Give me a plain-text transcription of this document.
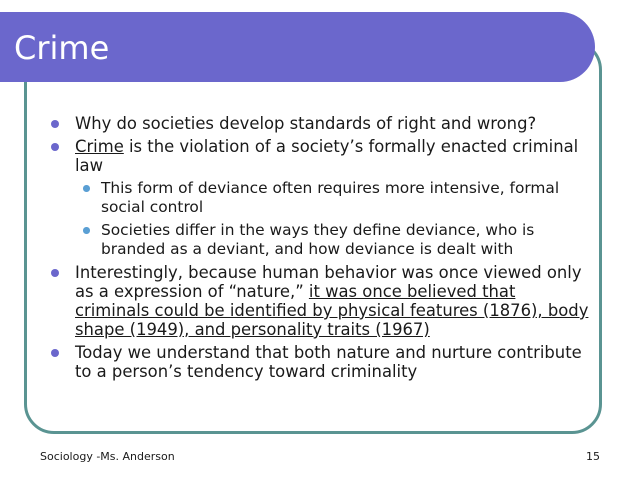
Crime
Why do societies develop standards of right and wrong?
Crime is the violation of a society’s formally enacted criminal law
This form of deviance often requires more intensive, formal social control
Societies differ in the ways they define deviance, who is branded as a deviant, and how deviance is dealt with
Interestingly, because human behavior was once viewed only as a expression of “nature,” it was once believed that criminals could be identified by physical features (1876), body shape (1949), and personality traits (1967)
Today we understand that both nature and nurture contribute to a person’s tendency toward criminality
Sociology -Ms. Anderson	15
